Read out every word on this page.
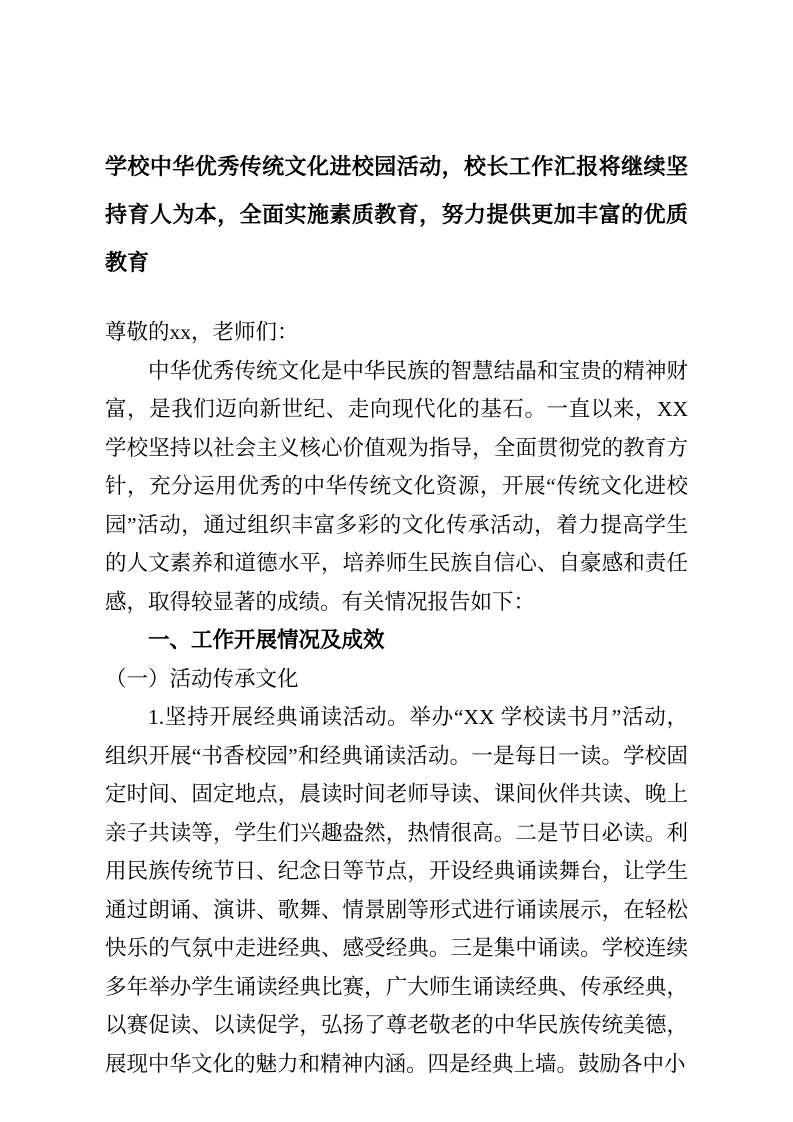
学校中华优秀传统文化进校园活动，校长工作汇报将继续坚持育人为本，全面实施素质教育，努力提供更加丰富的优质教育

尊敬的xx，老师们：

中华优秀传统文化是中华民族的智慧结晶和宝贵的精神财富，是我们迈向新世纪、走向现代化的基石。一直以来，XX 学校坚持以社会主义核心价值观为指导，全面贯彻党的教育方针，充分运用优秀的中华传统文化资源，开展“传统文化进校园”活动，通过组织丰富多彩的文化传承活动，着力提高学生的人文素养和道德水平，培养师生民族自信心、自豪感和责任感，取得较显著的成绩。有关情况报告如下：

一、工作开展情况及成效

（一）活动传承文化

1.坚持开展经典诵读活动。举办“XX 学校读书月”活动，组织开展“书香校园”和经典诵读活动。一是每日一读。学校固定时间、固定地点，晨读时间老师导读、课间伙伴共读、晚上亲子共读等，学生们兴趣盎然，热情很高。二是节日必读。利用民族传统节日、纪念日等节点，开设经典诵读舞台，让学生通过朗诵、演讲、歌舞、情景剧等形式进行诵读展示，在轻松快乐的气氛中走进经典、感受经典。三是集中诵读。学校连续多年举办学生诵读经典比赛，广大师生诵读经典、传承经典，以赛促读、以读促学，弘扬了尊老敬老的中华民族传统美德，展现中华文化的魅力和精神内涵。四是经典上墙。鼓励各中小
